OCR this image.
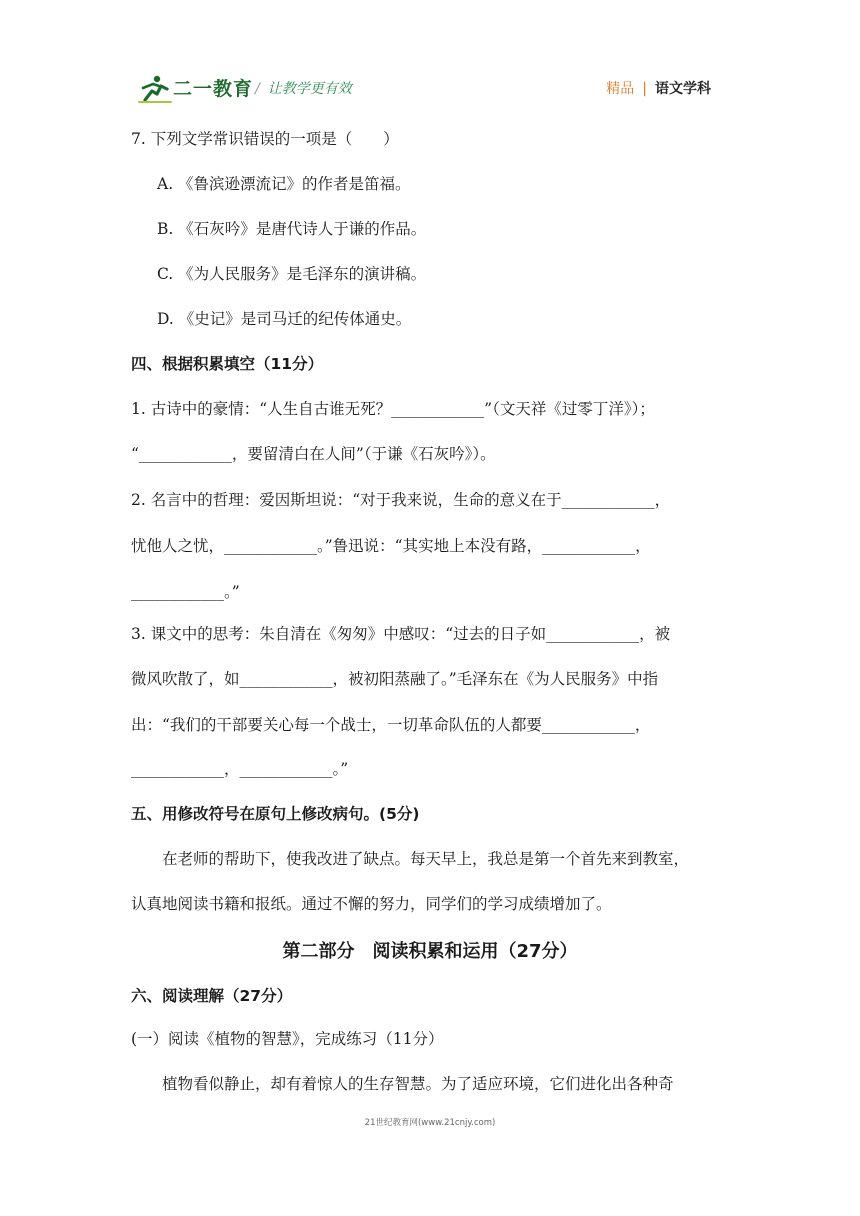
二一教育 / 让教学更有效	精品 | 语文学科
7. 下列文学常识错误的一项是（　　）
A. 《鲁滨逊漂流记》的作者是笛福。
B. 《石灰吟》是唐代诗人于谦的作品。
C. 《为人民服务》是毛泽东的演讲稿。
D. 《史记》是司马迁的纪传体通史。
四、根据积累填空（11分）
1. 古诗中的豪情：“人生自古谁无死？____________”（文天祥《过零丁洋》）；
“____________，要留清白在人间”（于谦《石灰吟》）。
2. 名言中的哲理：爱因斯坦说：“对于我来说，生命的意义在于____________，
忧他人之忧，____________。”鲁迅说：“其实地上本没有路，____________，
____________。”
3. 课文中的思考：朱自清在《匆匆》中感叹：“过去的日子如____________，被
微风吹散了，如____________，被初阳蒸融了。”毛泽东在《为人民服务》中指
出：“我们的干部要关心每一个战士，一切革命队伍的人都要____________，
____________，____________。”
五、用修改符号在原句上修改病句。(5分)
在老师的帮助下，使我改进了缺点。每天早上，我总是第一个首先来到教室，
认真地阅读书籍和报纸。通过不懈的努力，同学们的学习成绩增加了。
第二部分　阅读积累和运用（27分）
六、阅读理解（27分）
(一）阅读《植物的智慧》，完成练习（11分）
植物看似静止，却有着惊人的生存智慧。为了适应环境，它们进化出各种奇
21世纪教育网(www.21cnjy.com)
